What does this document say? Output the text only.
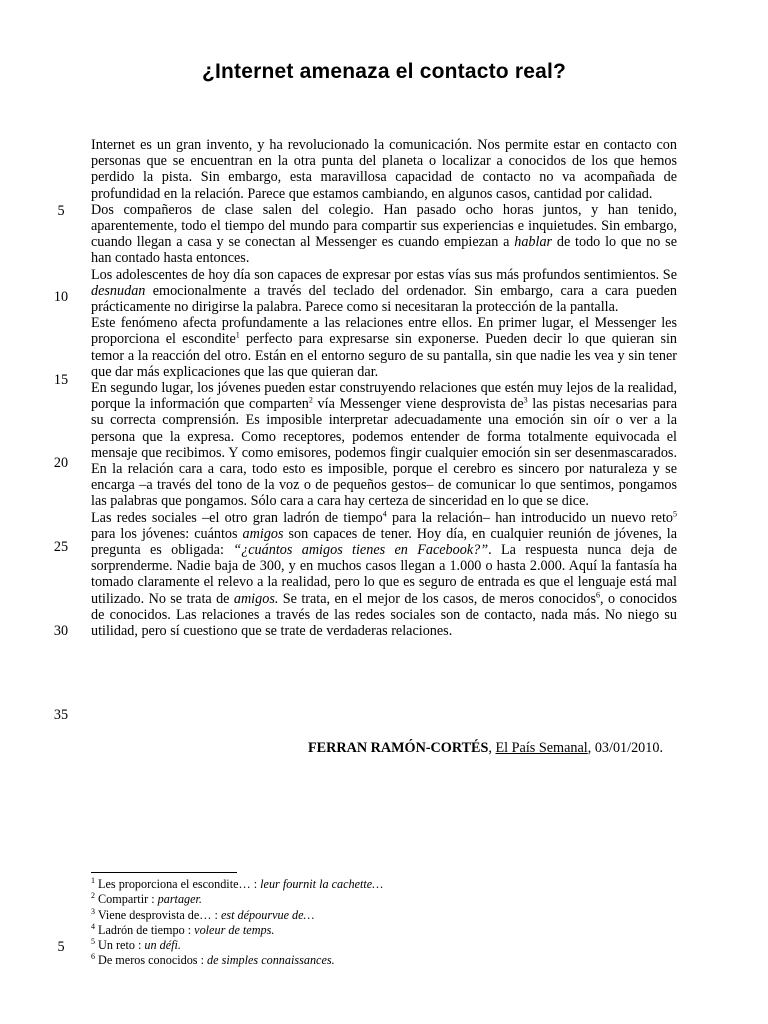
¿Internet amenaza el contacto real?
5
10
15
20
25
30
35

Internet es un gran invento, y ha revolucionado la comunicación. Nos permite estar en contacto con personas que se encuentran en la otra punta del planeta o localizar a conocidos de los que hemos perdido la pista. Sin embargo, esta maravillosa capacidad de contacto no va acompañada de profundidad en la relación. Parece que estamos cambiando, en algunos casos, cantidad por calidad.

Dos compañeros de clase salen del colegio. Han pasado ocho horas juntos, y han tenido, aparentemente, todo el tiempo del mundo para compartir sus experiencias e inquietudes. Sin embargo, cuando llegan a casa y se conectan al Messenger es cuando empiezan a hablar de todo lo que no se han contado hasta entonces.

Los adolescentes de hoy día son capaces de expresar por estas vías sus más profundos sentimientos. Se desnudan emocionalmente a través del teclado del ordenador. Sin embargo, cara a cara pueden prácticamente no dirigirse la palabra. Parece como si necesitaran la protección de la pantalla.

Este fenómeno afecta profundamente a las relaciones entre ellos. En primer lugar, el Messenger les proporciona el escondite$^1$ perfecto para expresarse sin exponerse. Pueden decir lo que quieran sin temor a la reacción del otro. Están en el entorno seguro de su pantalla, sin que nadie les vea y sin tener que dar más explicaciones que las que quieran dar.

En segundo lugar, los jóvenes pueden estar construyendo relaciones que estén muy lejos de la realidad, porque la información que comparten$^2$ vía Messenger viene desprovista $de^3$ las pistas necesarias para su correcta comprensión. Es imposible interpretar adecuadamente una emoción sin oír o ver a la persona que la expresa. Como receptores, podemos entender de forma totalmente equivocada el mensaje que recibimos. Y como emisores, podemos fingir cualquier emoción sin ser desenmascarados. En la relación cara a cara, todo esto es imposible, porque el cerebro es sincero por naturaleza y se encarga –a través del tono de la voz o de pequeños gestos– de comunicar lo que sentimos, pongamos las palabras que pongamos. Sólo cara a cara hay certeza de sinceridad en lo que se dice.

Las redes sociales –el otro gran ladrón de tiempo$^4$ para la relación– han introducido un nuevo reto$^5$ para los jóvenes: cuántos amigos son capaces de tener. Hoy día, en cualquier reunión de jóvenes, la pregunta es obligada: “¿cuántos amigos tienes en Facebook?”. La respuesta nunca deja de sorprenderme. Nadie baja de 300, y en muchos casos llegan a 1.000 o hasta 2.000. Aquí la fantasía ha tomado claramente el relevo a la realidad, pero lo que es seguro de entrada es que el lenguaje está mal utilizado. No se trata de amigos. Se trata, en el mejor de los casos, de meros conocidos$^6$, o conocidos de conocidos. Las relaciones a través de las redes sociales son de contacto, nada más. No niego su utilidad, pero sí cuestiono que se trate de verdaderas relaciones.

FERRAN RAMÓN-CORTÉS, El País Semanal, 03/01/2010.
$^1$ Les proporciona el escondite… : leur fournit la cachette…
$^2$ Compartir : partager.
$^3$ Viene desprovista de… : est dépourvue de…
$^4$ Ladrón de tiempo : voleur de temps.
$^5$ Un reto : un défi.
$^6$ De meros conocidos : de simples connaissances.
5
